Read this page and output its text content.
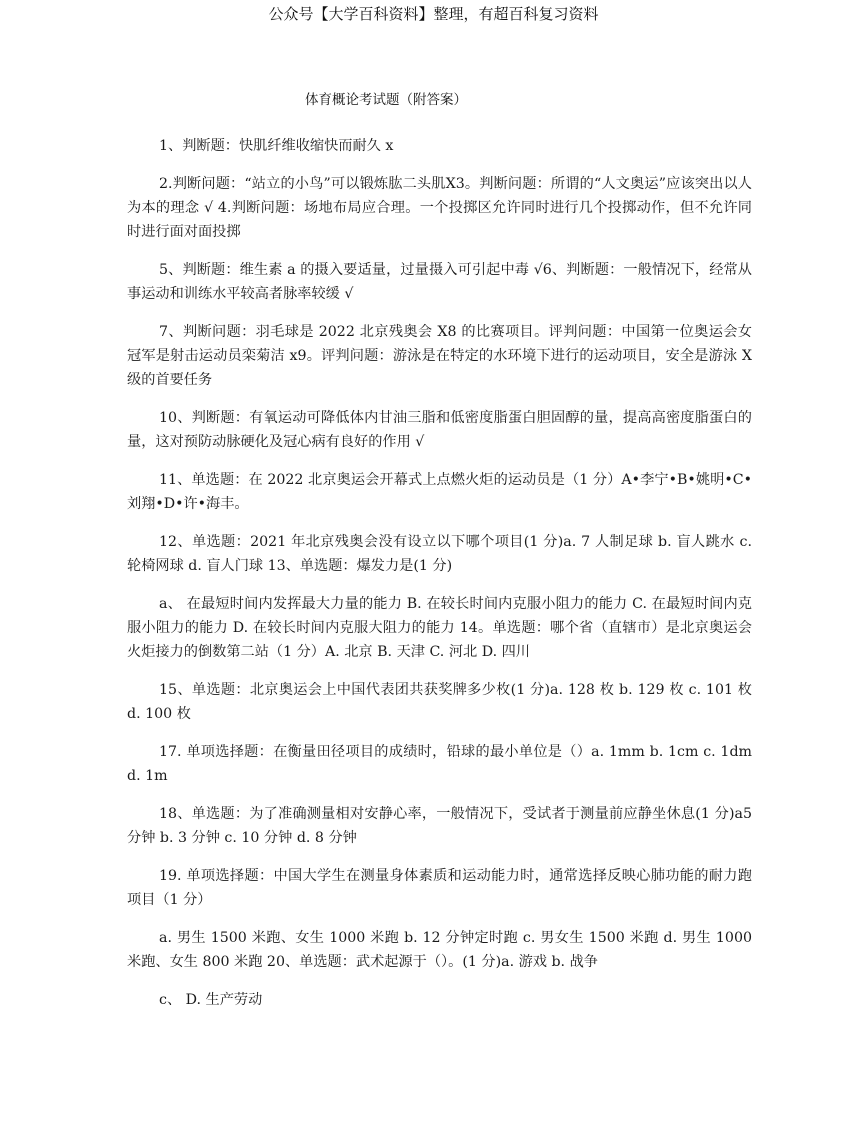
公众号【大学百科资料】整理，有超百科复习资料
体育概论考试题（附答案）

1、判断题：快肌纤维收缩快而耐久 x

2.判断问题：“站立的小鸟”可以锻炼肱二头肌X3。判断问题：所谓的“人文奥运”应该突出以人为本的理念 √ 4.判断问题：场地布局应合理。一个投掷区允许同时进行几个投掷动作，但不允许同时进行面对面投掷

5、判断题：维生素 a 的摄入要适量，过量摄入可引起中毒 √6、判断题：一般情况下，经常从事运动和训练水平较高者脉率较缓 √

7、判断问题：羽毛球是 2022 北京残奥会 X8 的比赛项目。评判问题：中国第一位奥运会女冠军是射击运动员栾菊洁 x9。评判问题：游泳是在特定的水环境下进行的运动项目，安全是游泳 X 级的首要任务

10、判断题：有氧运动可降低体内甘油三脂和低密度脂蛋白胆固醇的量，提高高密度脂蛋白的量，这对预防动脉硬化及冠心病有良好的作用 √

11、单选题：在 2022 北京奥运会开幕式上点燃火炬的运动员是（1 分）A•李宁•B•姚明•C•刘翔•D•许•海丰。

12、单选题：2021 年北京残奥会没有设立以下哪个项目(1 分)a. 7 人制足球 b. 盲人跳水 c. 轮椅网球 d. 盲人门球 13、单选题：爆发力是(1 分)

a、 在最短时间内发挥最大力量的能力 B. 在较长时间内克服小阻力的能力 C. 在最短时间内克服小阻力的能力 D. 在较长时间内克服大阻力的能力 14。单选题：哪个省（直辖市）是北京奥运会火炬接力的倒数第二站（1 分）A. 北京 B. 天津 C. 河北 D. 四川

15、单选题：北京奥运会上中国代表团共获奖牌多少枚(1 分)a. 128 枚 b. 129 枚 c. 101 枚 d. 100 枚

17. 单项选择题：在衡量田径项目的成绩时，铅球的最小单位是（）a. 1mm b. 1cm c. 1dm d. 1m

18、单选题：为了准确测量相对安静心率，一般情况下，受试者于测量前应静坐休息(1 分)a5 分钟 b. 3 分钟 c. 10 分钟 d. 8 分钟

19. 单项选择题：中国大学生在测量身体素质和运动能力时，通常选择反映心肺功能的耐力跑项目（1 分）

a. 男生 1500 米跑、女生 1000 米跑 b. 12 分钟定时跑 c. 男女生 1500 米跑 d. 男生 1000 米跑、女生 800 米跑 20、单选题：武术起源于（）。(1 分)a. 游戏 b. 战争

c、 D. 生产劳动
